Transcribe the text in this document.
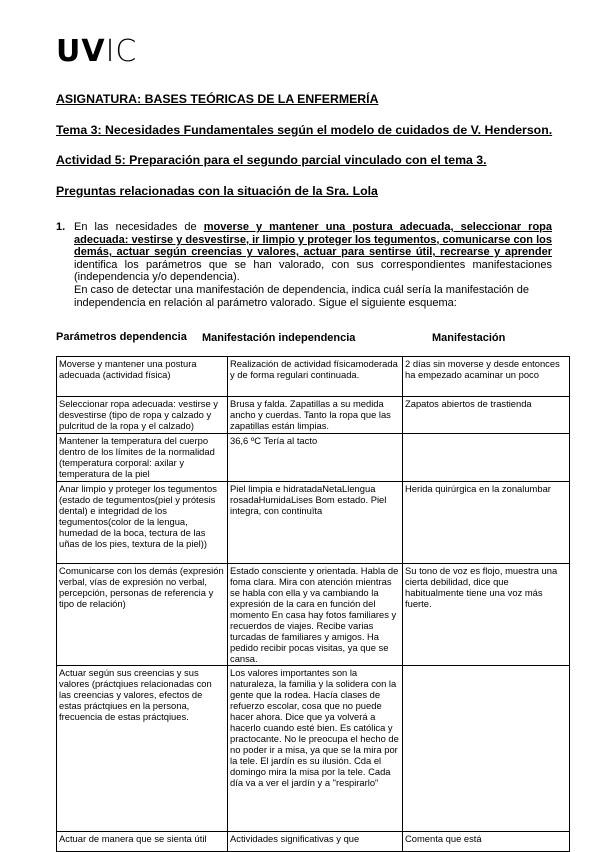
UVIC
ASIGNATURA: BASES TEÓRICAS DE LA ENFERMERÍA
Tema 3: Necesidades Fundamentales según el modelo de cuidados de V. Henderson.
Actividad 5: Preparación para el segundo parcial vinculado con el tema 3.
Preguntas relacionadas con la situación de la Sra. Lola
1. En las necesidades de moverse y mantener una postura adecuada, seleccionar ropa adecuada: vestirse y desvestirse, ir limpio y proteger los tegumentos, comunicarse con los demás, actuar según creencias y valores, actuar para sentirse útil, recrearse y aprender identifica los parámetros que se han valorado, con sus correspondientes manifestaciones (independencia y/o dependencia).
En caso de detectar una manifestación de dependencia, indica cuál sería la manifestación de independencia en relación al parámetro valorado. Sigue el siguiente esquema:
Parámetros dependencia	Manifestación independencia	Manifestación
Moverse y mantener una postura adecuada (actividad física)	Realización de actividad físicamoderada y de forma regulari continuada.	2 días sin moverse y desde entonces ha empezado acaminar un poco
Seleccionar ropa adecuada: vestirse y desvestirse (tipo de ropa y calzado y pulcritud de la ropa y el calzado)	Brusa y falda. Zapatillas a su medida ancho y cuerdas. Tanto la ropa que las zapatillas están limpias.	Zapatos abiertos de trastienda
Mantener la temperatura del cuerpo dentro de los límites de la normalidad (temperatura corporal: axilar y temperatura de la piel	36,6 ºC Tería al tacto	
Anar limpio y proteger los tegumentos (estado de tegumentos(piel y prótesis dental) e integridad de los tegumentos(color de la lengua, humedad de la boca, tectura de las uñas de los pies, textura de la piel))	Piel limpia e hidratadaNetaLlengua rosadaHumidaLises Bom estado. Piel integra, con continuïta	Herida quirúrgica en la zonalumbar
Comunicarse con los demás (expresión verbal, vías de expresión no verbal, percepción, personas de referencia y tipo de relación)	Estado consciente y orientada. Habla de foma clara. Mira con atención mientras se habla con ella y va cambiando la expresión de la cara en función del momento En casa hay fotos familiares y recuerdos de viajes. Recibe varias turcadas de familiares y amigos. Ha pedido recibir pocas visitas, ya que se cansa.	Su tono de voz es flojo, muestra una cierta debilidad, dice que habitualmente tiene una voz más fuerte.
Actuar según sus creencias y sus valores (práctqiues relacionadas con las creencias y valores, efectos de estas práctqiues en la persona, frecuencia de estas práctqiues.	Los valores importantes son la naturaleza, la familia y la solidera con la gente que la rodea. Hacía clases de refuerzo escolar, cosa que no puede hacer ahora. Dice que ya volverá a hacerlo cuando esté bien. Es católica y practocante. No le preocupa el hecho de no poder ir a misa, ya que se la mira por la tele. El jardín es su ilusión. Cda el domingo mira la misa por la tele. Cada día va a ver el jardín y a "respirarlo"	
Actuar de manera que se sienta útil	Actividades significativas y que	Comenta que está
